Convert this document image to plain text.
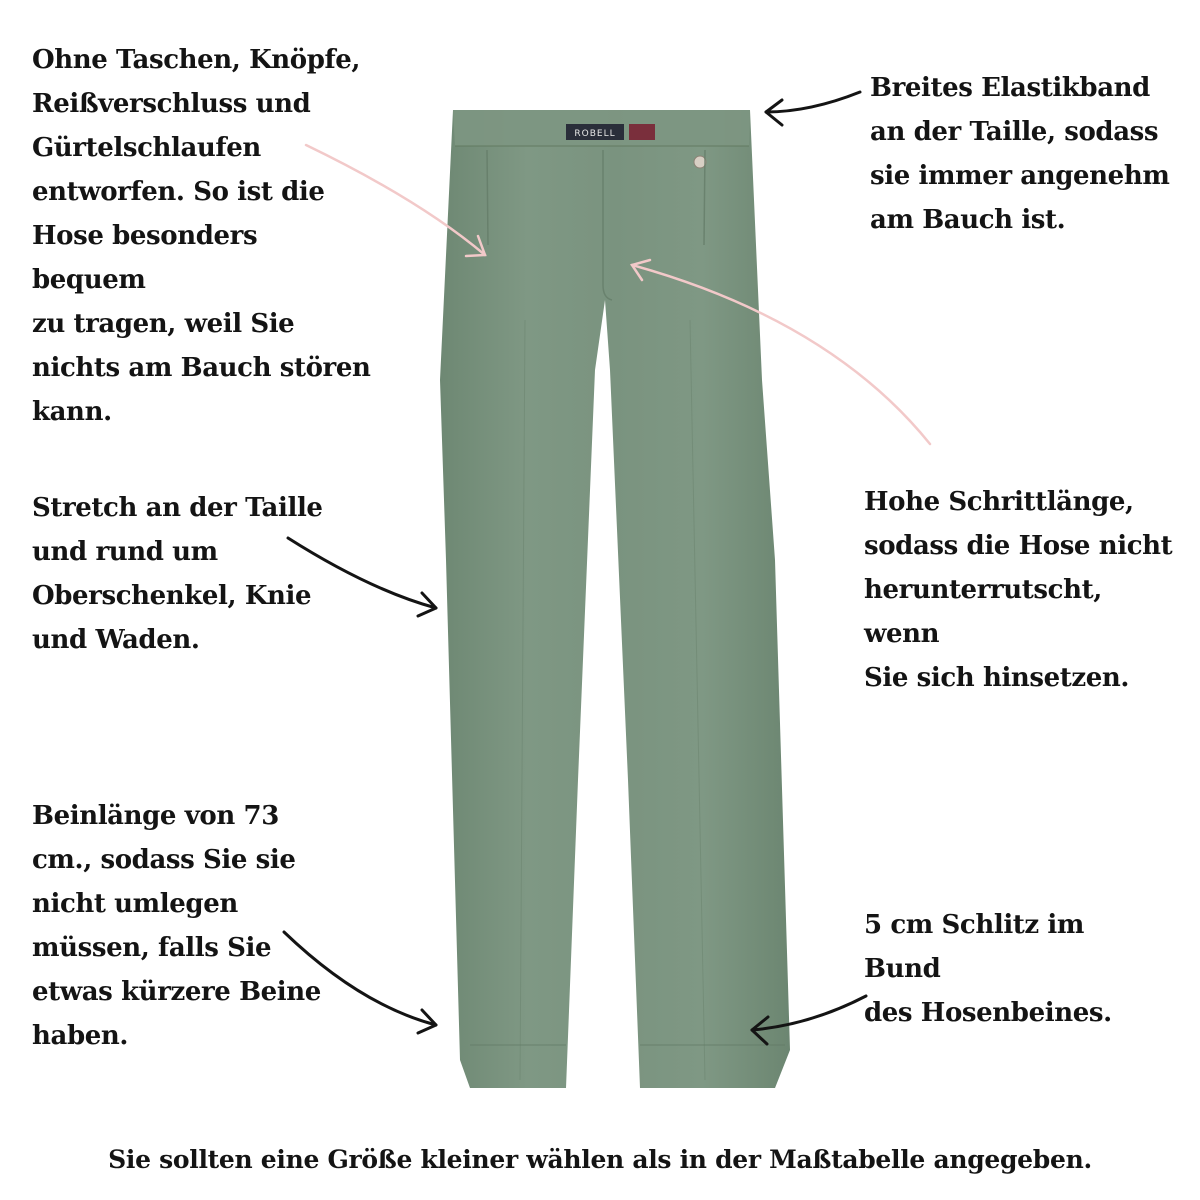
ROBELL

Ohne Taschen, Knöpfe,
Reißverschluss und
Gürtelschlaufen
entworfen. So ist die
Hose besonders bequem
zu tragen, weil Sie
nichts am Bauch stören
kann.

Breites Elastikband
an der Taille, sodass
sie immer angenehm
am Bauch ist.

Stretch an der Taille
und rund um
Oberschenkel, Knie
und Waden.

Hohe Schrittlänge,
sodass die Hose nicht
herunterrutscht, wenn
Sie sich hinsetzen.

Beinlänge von 73
cm., sodass Sie sie
nicht umlegen
müssen, falls Sie
etwas kürzere Beine
haben.

5 cm Schlitz im Bund
des Hosenbeines.

Sie sollten eine Größe kleiner wählen als in der Maßtabelle angegeben.
